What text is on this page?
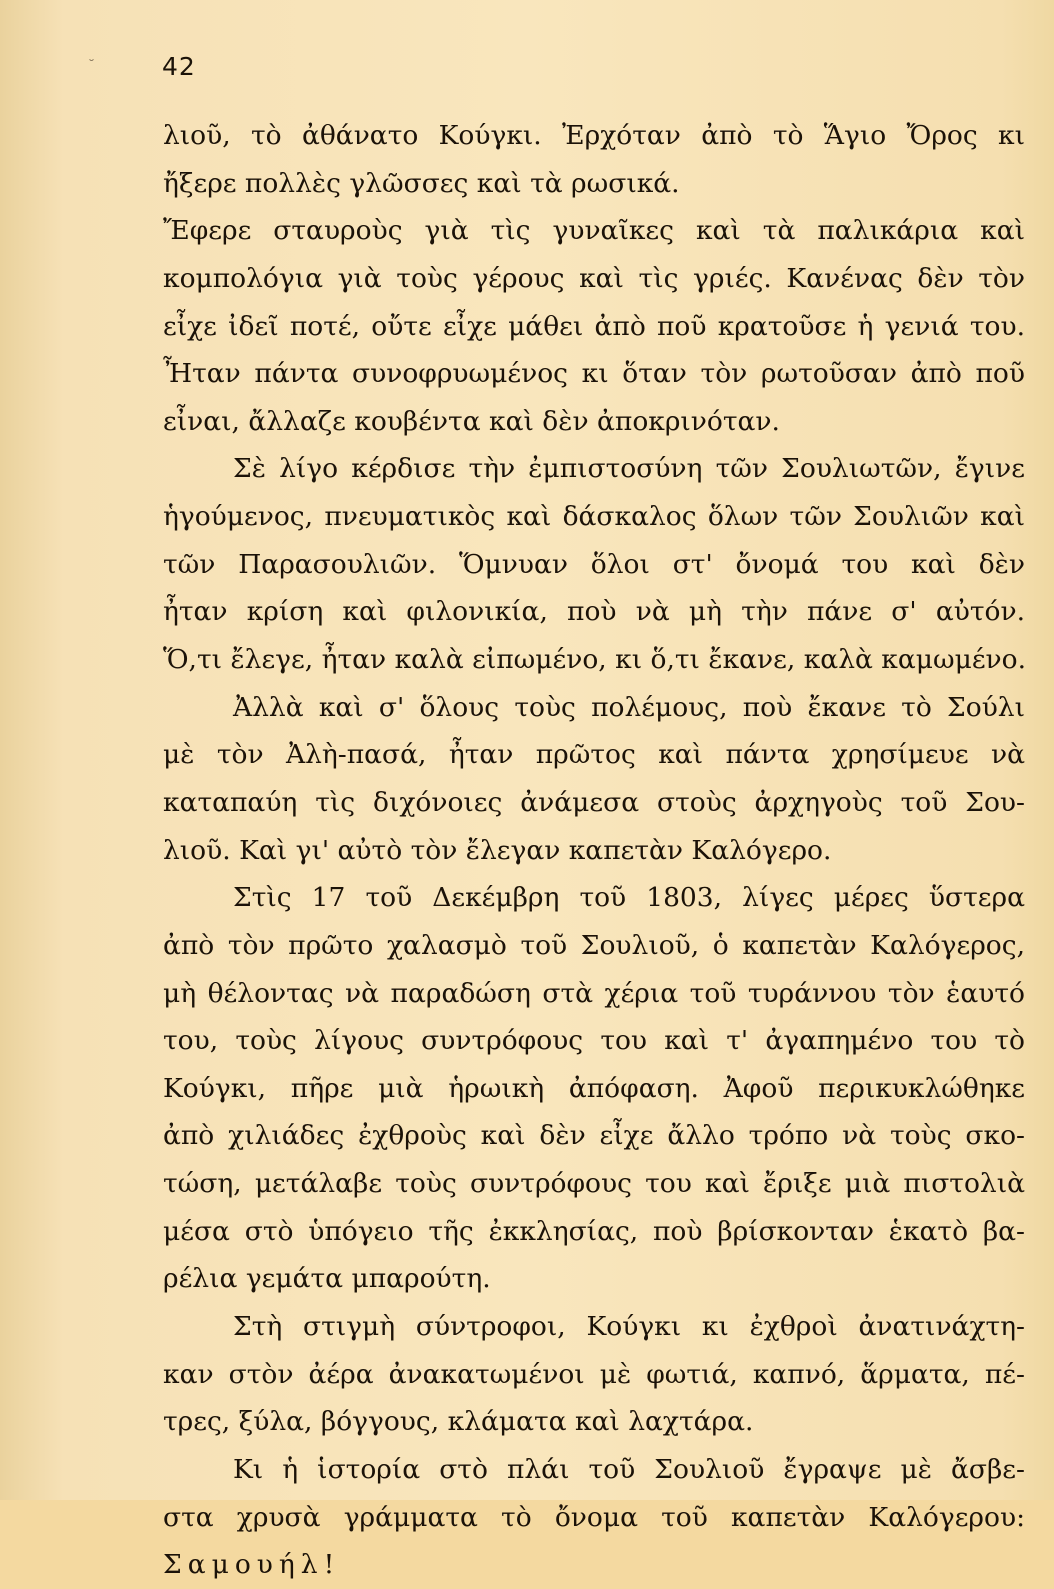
˘	42
λιοῦ, τὸ ἀθάνατο Κούγκι. Ἐρχόταν ἀπὸ τὸ Ἅγιο Ὄρος κι
ἤξερε πολλὲς γλῶσσες καὶ τὰ ρωσικά.
Ἔφερε σταυροὺς γιὰ τὶς γυναῖκες καὶ τὰ παλικάρια καὶ
κομπολόγια γιὰ τοὺς γέρους καὶ τὶς γριές. Κανένας δὲν τὸν
εἶχε ἰδεῖ ποτέ, οὔτε εἶχε μάθει ἀπὸ ποῦ κρατοῦσε ἡ γενιά του.
Ἦταν πάντα συνοφρυωμένος κι ὅταν τὸν ρωτοῦσαν ἀπὸ ποῦ
εἶναι, ἄλλαζε κουβέντα καὶ δὲν ἀποκρινόταν.
Σὲ λίγο κέρδισε τὴν ἐμπιστοσύνη τῶν Σουλιωτῶν, ἔγινε
ἡγούμενος, πνευματικὸς καὶ δάσκαλος ὅλων τῶν Σουλιῶν καὶ
τῶν Παρασουλιῶν. Ὅμνυαν ὅλοι στ' ὄνομά του καὶ δὲν
ἦταν κρίση καὶ φιλονικία, ποὺ νὰ μὴ τὴν πάνε σ' αὐτόν.
Ὅ,τι ἔλεγε, ἦταν καλὰ εἰπωμένο, κι ὅ,τι ἔκανε, καλὰ καμωμένο.
Ἀλλὰ καὶ σ' ὅλους τοὺς πολέμους, ποὺ ἔκανε τὸ Σούλι
μὲ τὸν Ἀλὴ-πασά, ἦταν πρῶτος καὶ πάντα χρησίμευε νὰ
καταπαύη τὶς διχόνοιες ἀνάμεσα στοὺς ἀρχηγοὺς τοῦ Σου-
λιοῦ. Καὶ γι' αὐτὸ τὸν ἔλεγαν καπετὰν Καλόγερο.
Στὶς 17 τοῦ Δεκέμβρη τοῦ 1803, λίγες μέρες ὕστερα
ἀπὸ τὸν πρῶτο χαλασμὸ τοῦ Σουλιοῦ, ὁ καπετὰν Καλόγερος,
μὴ θέλοντας νὰ παραδώση στὰ χέρια τοῦ τυράννου τὸν ἑαυτό
του, τοὺς λίγους συντρόφους του καὶ τ' ἀγαπημένο του τὸ
Κούγκι, πῆρε μιὰ ἡρωικὴ ἀπόφαση. Ἀφοῦ περικυκλώθηκε
ἀπὸ χιλιάδες ἐχθροὺς καὶ δὲν εἶχε ἄλλο τρόπο νὰ τοὺς σκο-
τώση, μετάλαβε τοὺς συντρόφους του καὶ ἔριξε μιὰ πιστολιὰ
μέσα στὸ ὑπόγειο τῆς ἐκκλησίας, ποὺ βρίσκονταν ἑκατὸ βα-
ρέλια γεμάτα μπαρούτη.
Στὴ στιγμὴ σύντροφοι, Κούγκι κι ἐχθροὶ ἀνατινάχτη-
καν στὸν ἀέρα ἀνακατωμένοι μὲ φωτιά, καπνό, ἅρματα, πέ-
τρες, ξύλα, βόγγους, κλάματα καὶ λαχτάρα.
Κι ἡ ἱστορία στὸ πλάι τοῦ Σουλιοῦ ἔγραψε μὲ ἄσβε-
στα χρυσὰ γράμματα τὸ ὄνομα τοῦ καπετὰν Καλόγερου:
Σαμουήλ!
